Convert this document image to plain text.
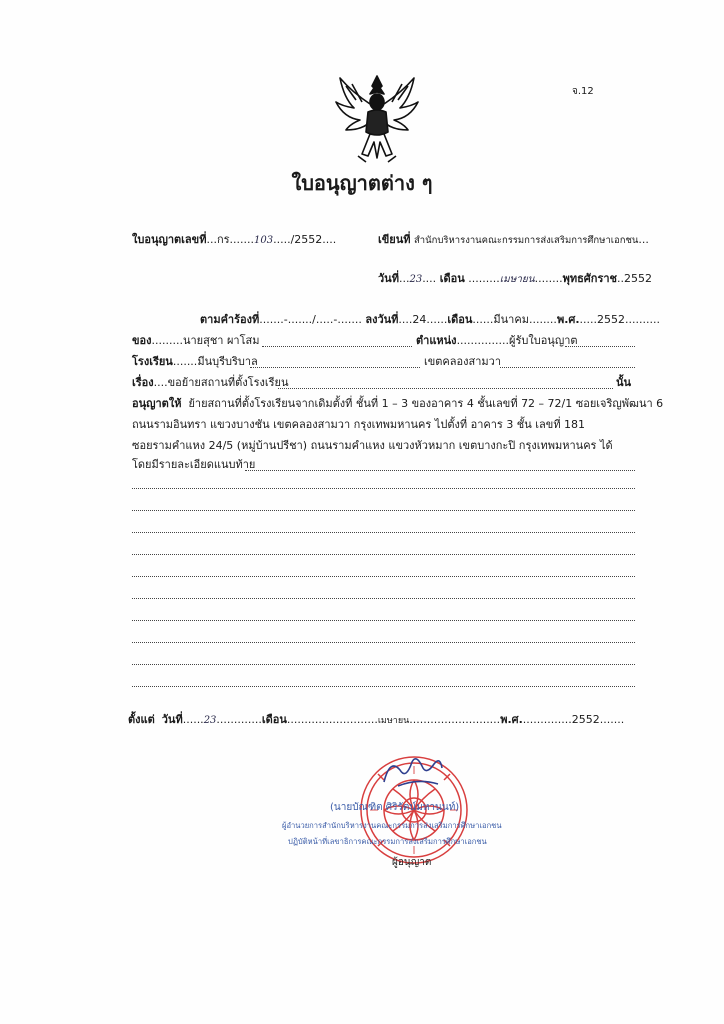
จ.12
ใบอนุญาตต่าง ๆ
ใบอนุญาตเลขที่...กร.......103...../2552....	เขียนที่ สำนักบริหารงานคณะกรรมการส่งเสริมการศึกษาเอกชน...
วันที่...23.... เดือน .........เมษายน........พุทธศักราช..2552
ตามคำร้องที่.......-......./.....-....... ลงวันที่....24......เดือน......มีนาคม........พ.ศ......2552..........
ของ.........นายสุชา ผาโสม	ตำแหน่ง...............ผู้รับใบอนุญาต
โรงเรียน.......มีนบุรีบริบาล	เขตคลองสามวา
เรื่อง....ขอย้ายสถานที่ตั้งโรงเรียน	นั้น
อนุญาตให้ ย้ายสถานที่ตั้งโรงเรียนจากเดิมตั้งที่ ชั้นที่ 1 – 3 ของอาคาร 4 ชั้นเลขที่ 72 – 72/1 ซอยเจริญพัฒนา 6
ถนนรามอินทรา แขวงบางชัน เขตคลองสามวา กรุงเทพมหานคร ไปตั้งที่ อาคาร 3 ชั้น เลขที่ 181
ซอยรามคำแหง 24/5 (หมู่บ้านปรีชา) ถนนรามคำแหง แขวงหัวหมาก เขตบางกะปิ กรุงเทพมหานคร ได้
โดยมีรายละเอียดแนบท้าย
ตั้งแต่ วันที่......23.............เดือน..........................เมษายน..........................พ.ศ...............2552.......
(นายบัณฑิต ศิริรัตน์มหานนท์)
ผู้อำนวยการสำนักบริหารงานคณะกรรมการส่งเสริมการศึกษาเอกชน
ปฏิบัติหน้าที่เลขาธิการคณะกรรมการส่งเสริมการศึกษาเอกชน
ผู้อนุญาต
